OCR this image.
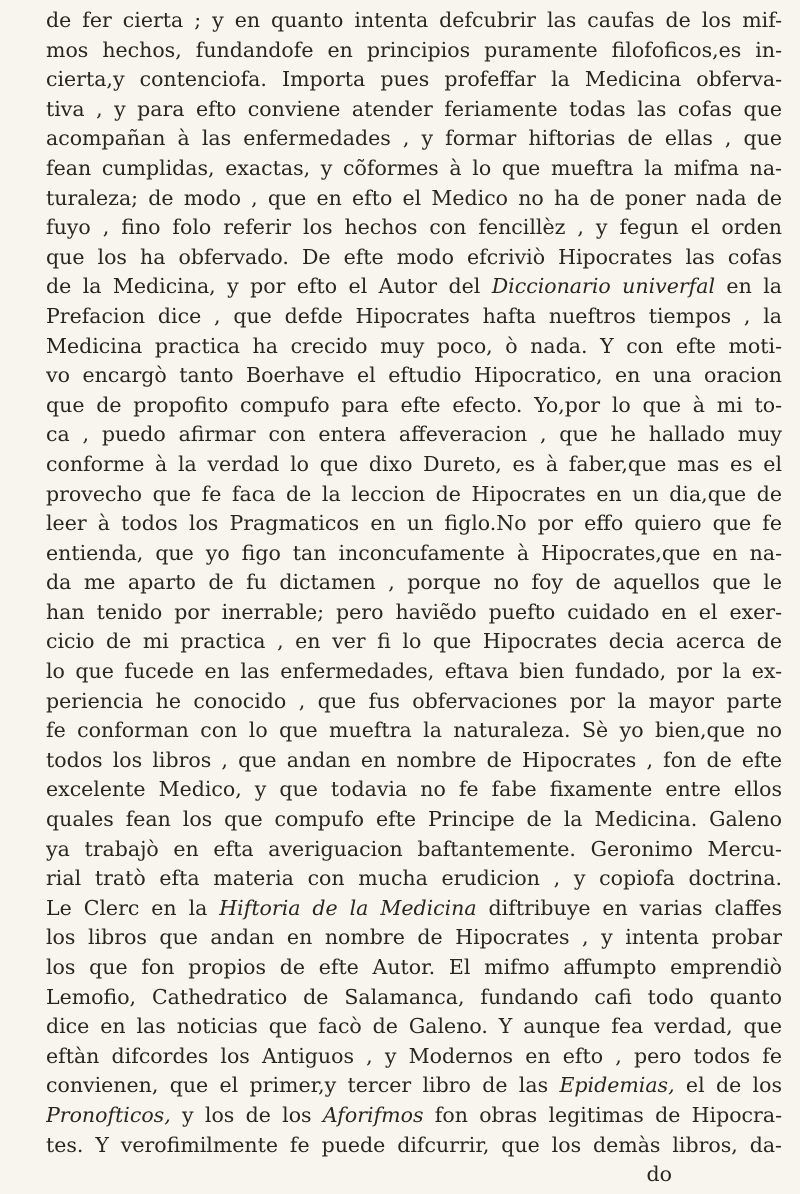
de fer cierta ; y en quanto intenta defcubrir las caufas de los mif-
mos hechos, fundandofe en principios puramente filofoficos,es in-
cierta,y contenciofa. Importa pues profeffar la Medicina obferva-
tiva , y para efto conviene atender feriamente todas las cofas que
acompañan à las enfermedades , y formar hiftorias de ellas , que
fean cumplidas, exactas, y cõformes à lo que mueftra la mifma na-
turaleza; de modo , que en efto el Medico no ha de poner nada de
fuyo , fino folo referir los hechos con fencillèz , y fegun el orden
que los ha obfervado. De efte modo efcriviò Hipocrates las cofas
de la Medicina, y por efto el Autor del Diccionario univerfal en la
Prefacion dice , que defde Hipocrates hafta nueftros tiempos , la
Medicina practica ha crecido muy poco, ò nada. Y con efte moti-
vo encargò tanto Boerhave el eftudio Hipocratico, en una oracion
que de propofito compufo para efte efecto. Yo,por lo que à mi to-
ca , puedo afirmar con entera affeveracion , que he hallado muy
conforme à la verdad lo que dixo Dureto, es à faber,que mas es el
provecho que fe faca de la leccion de Hipocrates en un dia,que de
leer à todos los Pragmaticos en un figlo.No por effo quiero que fe
entienda, que yo figo tan inconcufamente à Hipocrates,que en na-
da me aparto de fu dictamen , porque no foy de aquellos que le
han tenido por inerrable; pero haviẽdo puefto cuidado en el exer-
cicio de mi practica , en ver fi lo que Hipocrates decia acerca de
lo que fucede en las enfermedades, eftava bien fundado, por la ex-
periencia he conocido , que fus obfervaciones por la mayor parte
fe conforman con lo que mueftra la naturaleza. Sè yo bien,que no
todos los libros , que andan en nombre de Hipocrates , fon de efte
excelente Medico, y que todavia no fe fabe fixamente entre ellos
quales fean los que compufo efte Principe de la Medicina. Galeno
ya trabajò en efta averiguacion baftantemente. Geronimo Mercu-
rial tratò efta materia con mucha erudicion , y copiofa doctrina.
Le Clerc en la Hiftoria de la Medicina diftribuye en varias claffes
los libros que andan en nombre de Hipocrates , y intenta probar
los que fon propios de efte Autor. El mifmo affumpto emprendiò
Lemofio, Cathedratico de Salamanca, fundando cafi todo quanto
dice en las noticias que facò de Galeno. Y aunque fea verdad, que
eftàn difcordes los Antiguos , y Modernos en efto , pero todos fe
convienen, que el primer,y tercer libro de las Epidemias, el de los
Pronofticos, y los de los Aforifmos fon obras legitimas de Hipocra-
tes. Y verofimilmente fe puede difcurrir, que los demàs libros, da-
do
